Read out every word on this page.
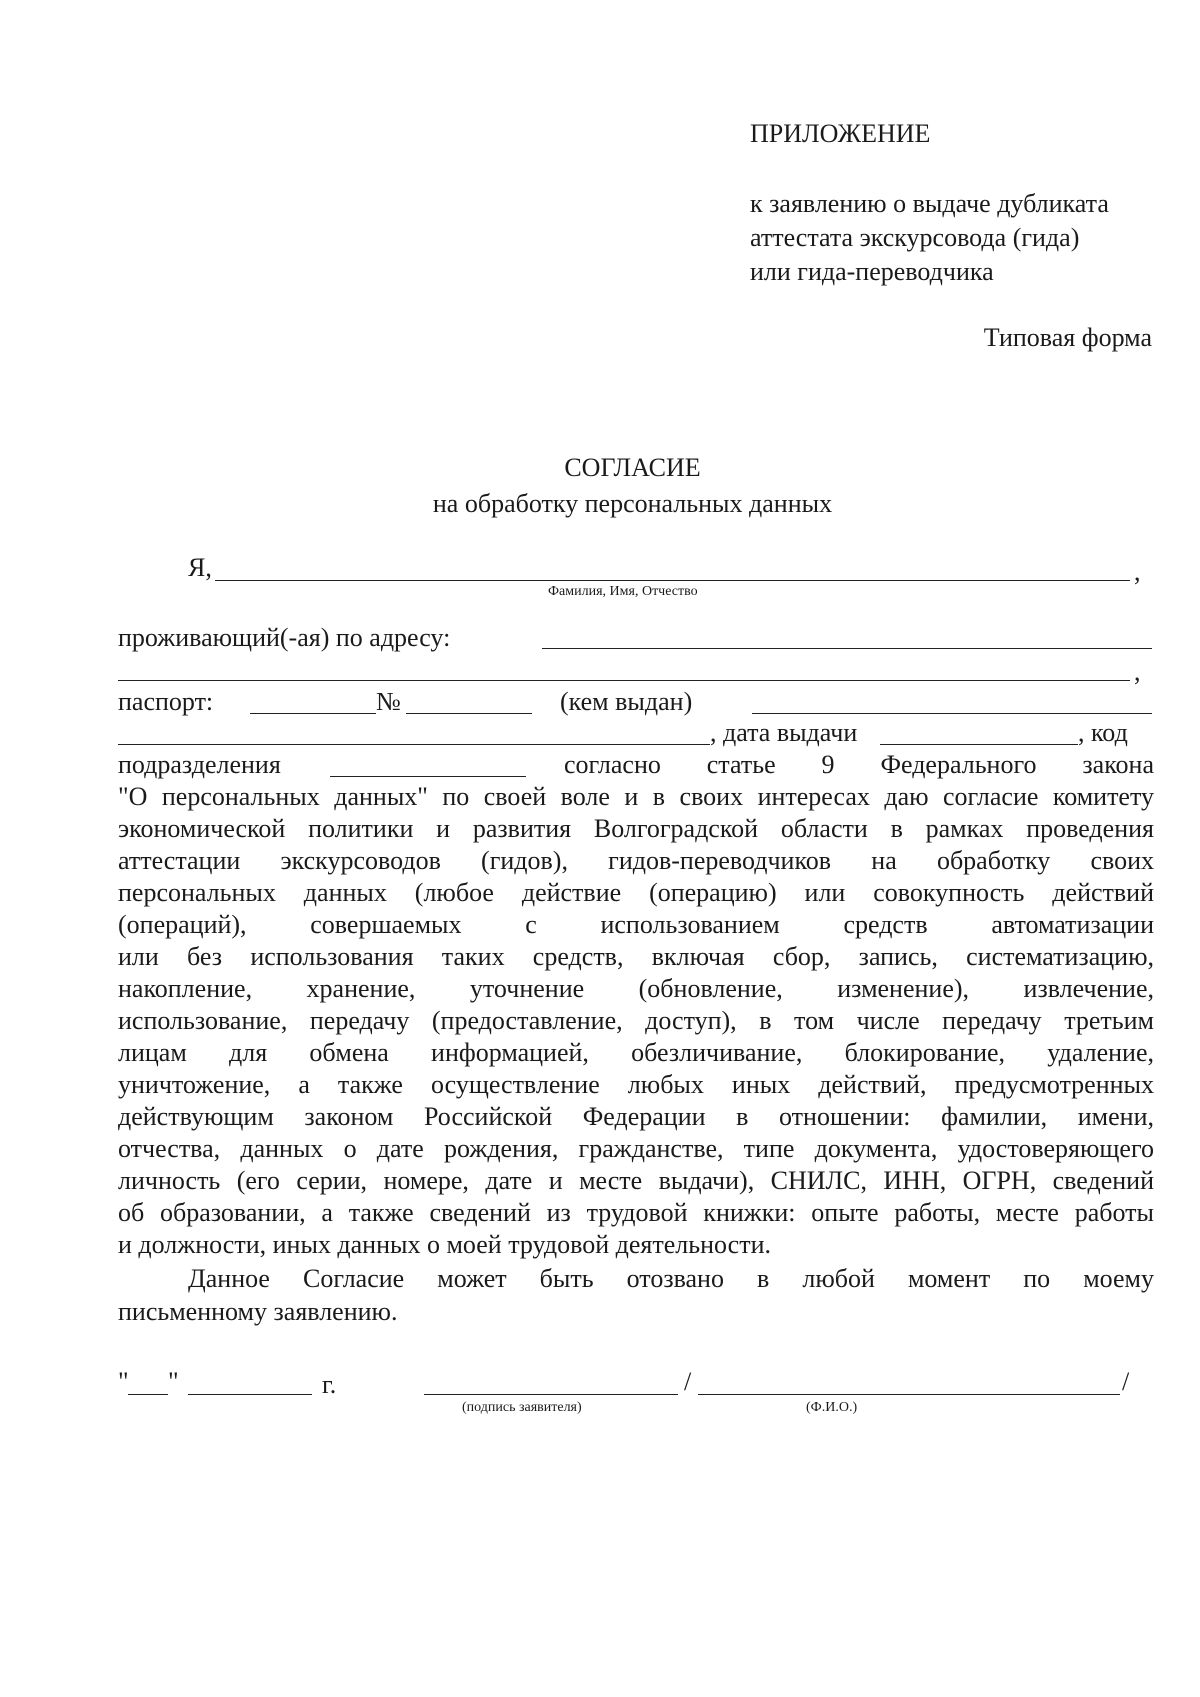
ПРИЛОЖЕНИЕ
к заявлению о выдаче дубликата
аттестата экскурсовода (гида)
или гида-переводчика
Типовая форма
СОГЛАСИЕ
на обработку персональных данных
Я,	,
Фамилия, Имя, Отчество
проживающий(-ая) по адресу:
,
паспорт:	№	(кем выдан)
, дата выдачи	, код
подразделения	согласно статье 9 Федерального закона
"О персональных данных" по своей воле и в своих интересах даю согласие комитету
экономической политики и развития Волгоградской области в рамках проведения
аттестации экскурсоводов (гидов), гидов-переводчиков на обработку своих
персональных данных (любое действие (операцию) или совокупность действий
(операций), совершаемых с использованием средств автоматизации
или без использования таких средств, включая сбор, запись, систематизацию,
накопление, хранение, уточнение (обновление, изменение), извлечение,
использование, передачу (предоставление, доступ), в том числе передачу третьим
лицам для обмена информацией, обезличивание, блокирование, удаление,
уничтожение, а также осуществление любых иных действий, предусмотренных
действующим законом Российской Федерации в отношении: фамилии, имени,
отчества, данных о дате рождения, гражданстве, типе документа, удостоверяющего
личность (его серии, номере, дате и месте выдачи), СНИЛС, ИНН, ОГРН, сведений
об образовании, а также сведений из трудовой книжки: опыте работы, месте работы
и должности, иных данных о моей трудовой деятельности.
Данное Согласие может быть отозвано в любой момент по моему
письменному заявлению.
" "	г.	/	/
(подпись заявителя)	(Ф.И.О.)
